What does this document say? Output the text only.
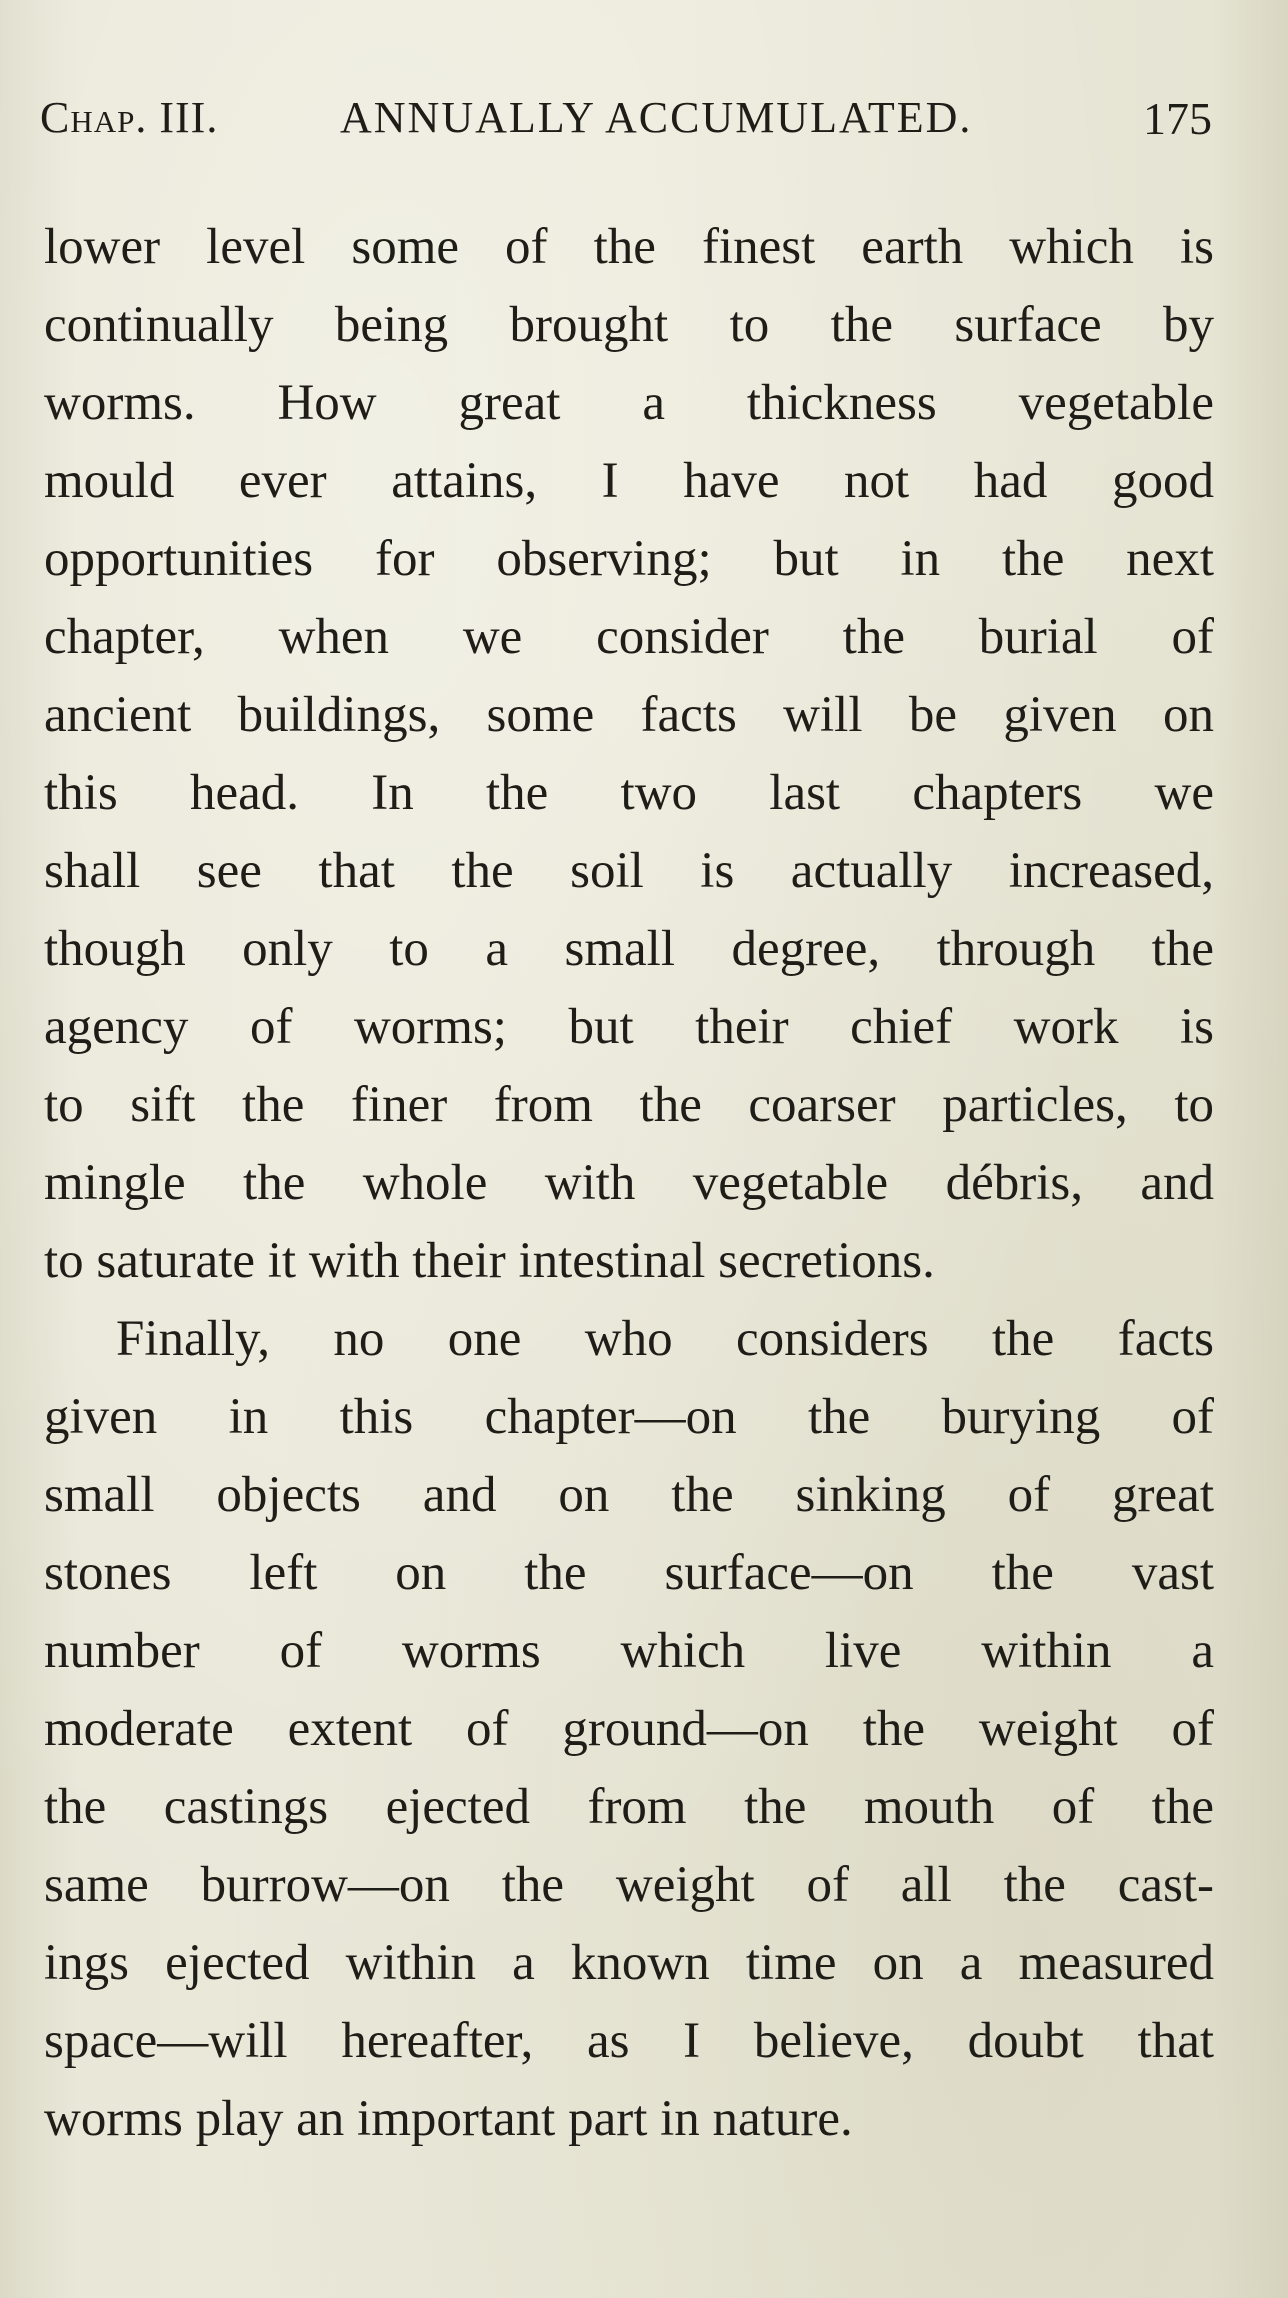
Chap. III.	ANNUALLY ACCUMULATED.	175
lower level some of the finest earth which is
continually being brought to the surface by
worms. How great a thickness vegetable
mould ever attains, I have not had good
opportunities for observing; but in the next
chapter, when we consider the burial of
ancient buildings, some facts will be given on
this head. In the two last chapters we
shall see that the soil is actually increased,
though only to a small degree, through the
agency of worms; but their chief work is
to sift the finer from the coarser particles, to
mingle the whole with vegetable débris, and
to saturate it with their intestinal secretions.
Finally, no one who considers the facts
given in this chapter—on the burying of
small objects and on the sinking of great
stones left on the surface—on the vast
number of worms which live within a
moderate extent of ground—on the weight of
the castings ejected from the mouth of the
same burrow—on the weight of all the cast-
ings ejected within a known time on a measured
space—will hereafter, as I believe, doubt that
worms play an important part in nature.
